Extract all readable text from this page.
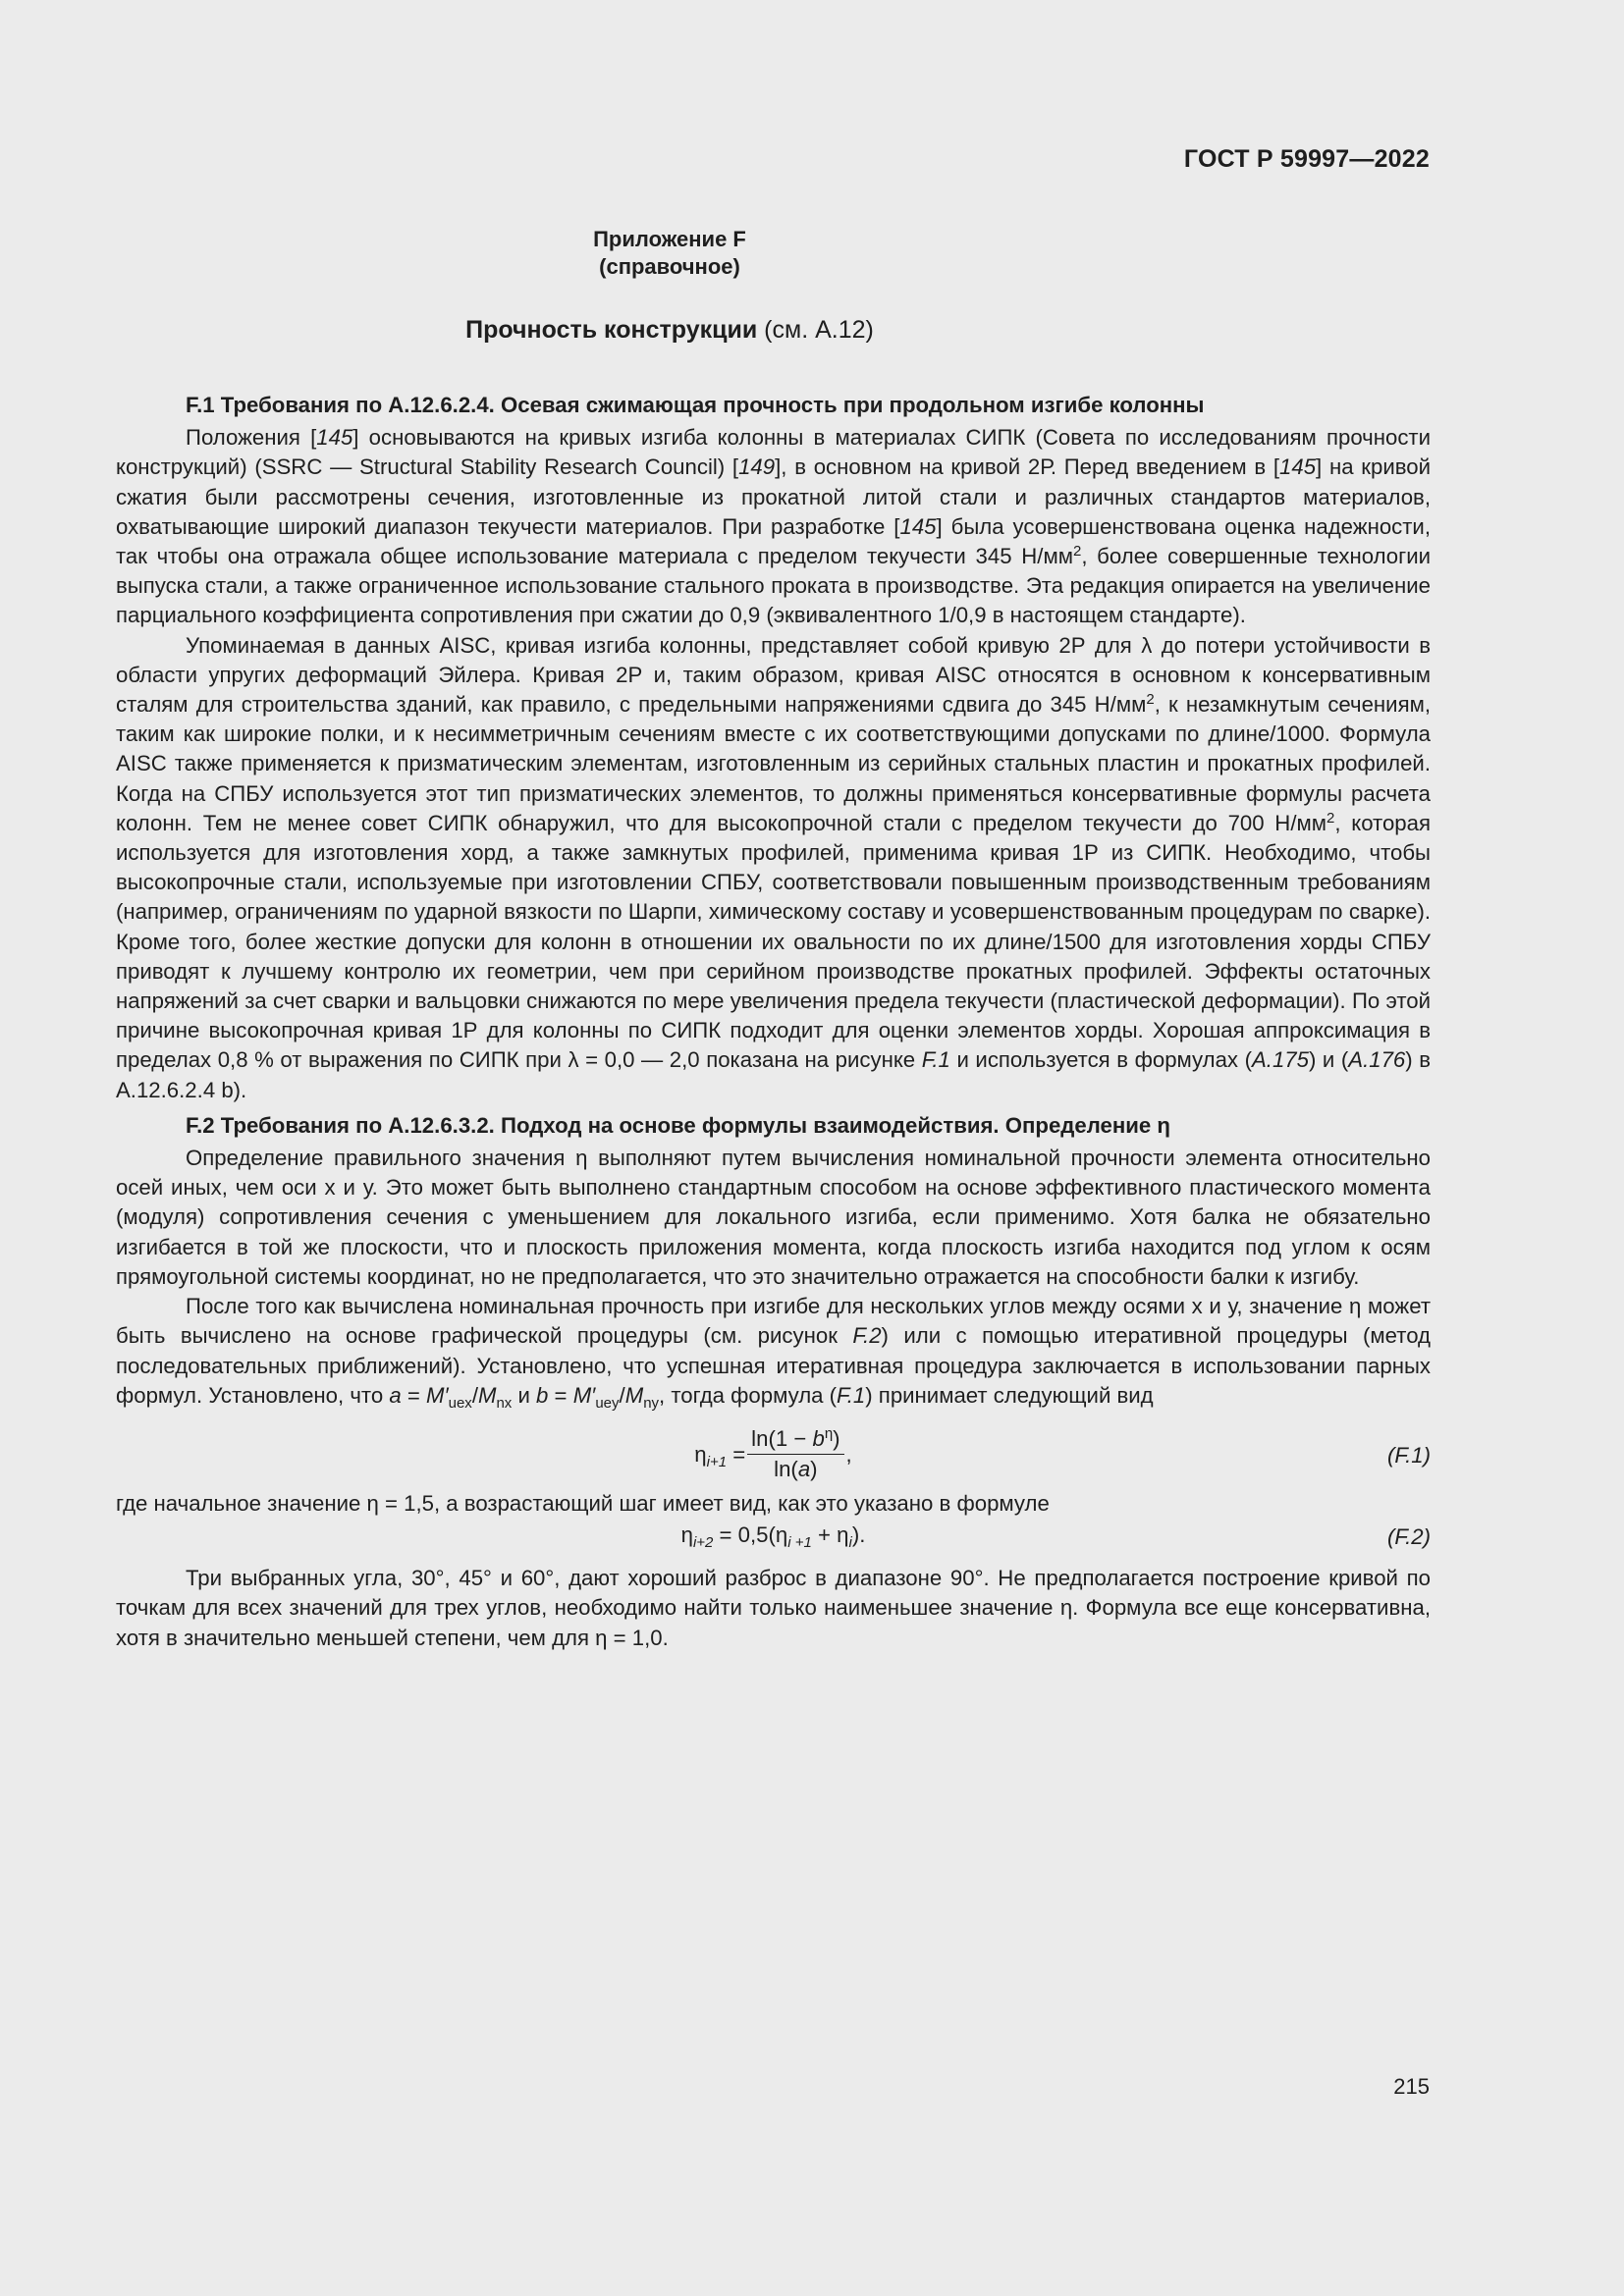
ГОСТ Р 59997—2022
Приложение F
(справочное)
Прочность конструкции (см. А.12)
F.1 Требования по А.12.6.2.4. Осевая сжимающая прочность при продольном изгибе колонны

Положения [145] основываются на кривых изгиба колонны в материалах СИПК (Совета по исследованиям прочности конструкций) (SSRC — Structural Stability Research Council) [149], в основном на кривой 2Р. Перед введением в [145] на кривой сжатия были рассмотрены сечения, изготовленные из прокатной литой стали и различных стандартов материалов, охватывающие широкий диапазон текучести материалов. При разработке [145] была усовершенствована оценка надежности, так чтобы она отражала общее использование материала с пределом текучести 345 $Н/мм^2$, более совершенные технологии выпуска стали, а также ограниченное использование стального проката в производстве. Эта редакция опирается на увеличение парциального коэффициента сопротивления при сжатии до 0,9 (эквивалентного 1/0,9 в настоящем стандарте).

Упоминаемая в данных AISC, кривая изгиба колонны, представляет собой кривую 2Р для λ до потери устойчивости в области упругих деформаций Эйлера. Кривая 2Р и, таким образом, кривая AISC относятся в основном к консервативным сталям для строительства зданий, как правило, с предельными напряжениями сдвига до 345 $Н/мм^2$, к незамкнутым сечениям, таким как широкие полки, и к несимметричным сечениям вместе с их соответствующими допусками по длине/1000. Формула AISC также применяется к призматическим элементам, изготовленным из серийных стальных пластин и прокатных профилей. Когда на СПБУ используется этот тип призматических элементов, то должны применяться консервативные формулы расчета колонн. Тем не менее совет СИПК обнаружил, что для высокопрочной стали с пределом текучести до 700 $Н/мм^2$, которая используется для изготовления хорд, а также замкнутых профилей, применима кривая 1Р из СИПК. Необходимо, чтобы высокопрочные стали, используемые при изготовлении СПБУ, соответствовали повышенным производственным требованиям (например, ограничениям по ударной вязкости по Шарпи, химическому составу и усовершенствованным процедурам по сварке). Кроме того, более жесткие допуски для колонн в отношении их овальности по их длине/1500 для изготовления хорды СПБУ приводят к лучшему контролю их геометрии, чем при серийном производстве прокатных профилей. Эффекты остаточных напряжений за счет сварки и вальцовки снижаются по мере увеличения предела текучести (пластической деформации). По этой причине высокопрочная кривая 1Р для колонны по СИПК подходит для оценки элементов хорды. Хорошая аппроксимация в пределах 0,8 % от выражения по СИПК при λ = 0,0 — 2,0 показана на рисунке F.1 и используется в формулах (A.175) и (A.176) в А.12.6.2.4 b).

F.2 Требования по А.12.6.3.2. Подход на основе формулы взаимодействия. Определение η

Определение правильного значения η выполняют путем вычисления номинальной прочности элемента относительно осей иных, чем оси х и у. Это может быть выполнено стандартным способом на основе эффективного пластического момента (модуля) сопротивления сечения с уменьшением для локального изгиба, если применимо. Хотя балка не обязательно изгибается в той же плоскости, что и плоскость приложения момента, когда плоскость изгиба находится под углом к осям прямоугольной системы координат, но не предполагается, что это значительно отражается на способности балки к изгибу.

После того как вычислена номинальная прочность при изгибе для нескольких углов между осями х и у, значение η может быть вычислено на основе графической процедуры (см. рисунок F.2) или с помощью итеративной процедуры (метод последовательных приближений). Установлено, что успешная итеративная процедура заключается в использовании парных формул. Установлено, что $a = M'_{uex}/M_{nx}$ и $b = M'_{uey}/M_{ny}$, тогда формула (F.1) принимает следующий вид

$\eta_{i+1} = \frac{\ln(1 - b^\eta)}{\ln(a)}$ ,	(F.1)

где начальное значение η = 1,5, а возрастающий шаг имеет вид, как это указано в формуле

$\eta_{i+2} = 0,5(\eta_{i +1} + \eta_i)$.	(F.2)

Три выбранных угла, 30°, 45° и 60°, дают хороший разброс в диапазоне 90°. Не предполагается построение кривой по точкам для всех значений для трех углов, необходимо найти только наименьшее значение η. Формула все еще консервативна, хотя в значительно меньшей степени, чем для η = 1,0.

215
